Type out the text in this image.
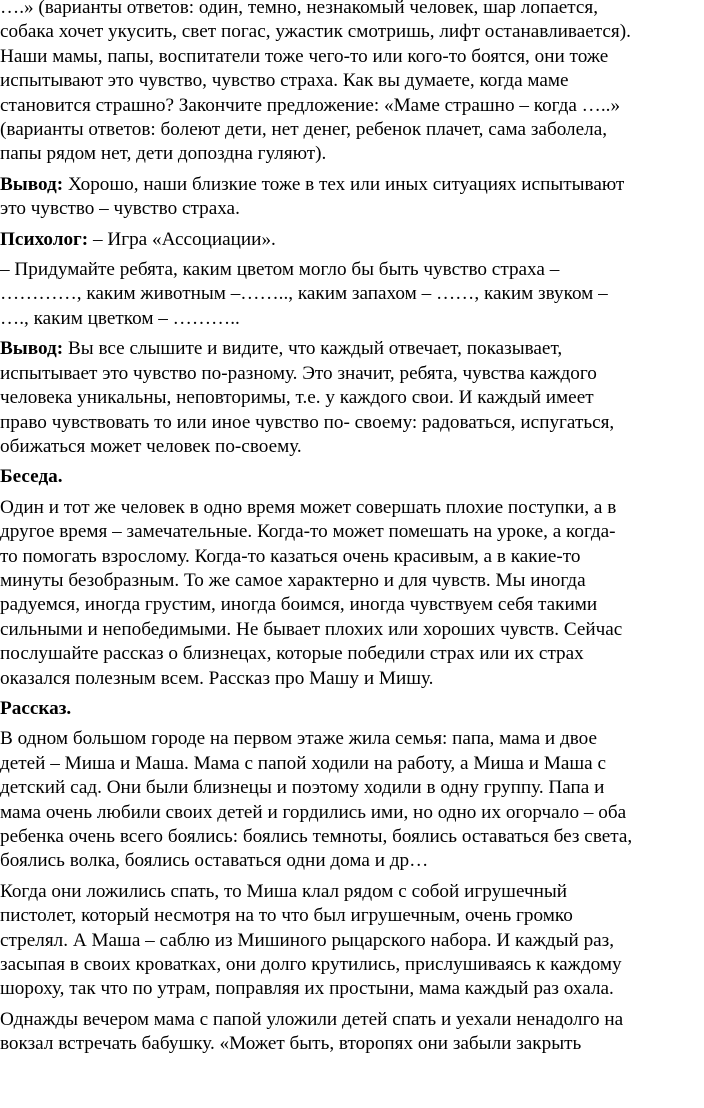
….» (варианты ответов: один, темно, незнакомый человек, шар лопается,

собака хочет укусить, свет погас, ужастик смотришь, лифт останавливается).

Наши мамы, папы, воспитатели тоже чего-то или кого-то боятся, они тоже

испытывают это чувство, чувство страха. Как вы думаете, когда маме

становится страшно? Закончите предложение: «Маме страшно – когда …..»

(варианты ответов: болеют дети, нет денег, ребенок плачет, сама заболела,

папы рядом нет, дети допоздна гуляют).

Вывод: Хорошо, наши близкие тоже в тех или иных ситуациях испытывают

это чувство – чувство страха.

Психолог: – Игра «Ассоциации».

– Придумайте ребята, каким цветом могло бы быть чувство страха –

…………, каким животным –…….., каким запахом – ……, каким звуком –

…., каким цветком – ………..

Вывод: Вы все слышите и видите, что каждый отвечает, показывает,

испытывает это чувство по-разному. Это значит, ребята, чувства каждого

человека уникальны, неповторимы, т.е. у каждого свои. И каждый имеет

право чувствовать то или иное чувство по- своему: радоваться, испугаться,

обижаться может человек по-своему.

Беседа.

Один и тот же человек в одно время может совершать плохие поступки, а в

другое время – замечательные. Когда-то может помешать на уроке, а когда-

то помогать взрослому. Когда-то казаться очень красивым, а в какие-то

минуты безобразным. То же самое характерно и для чувств. Мы иногда

радуемся, иногда грустим, иногда боимся, иногда чувствуем себя такими

сильными и непобедимыми. Не бывает плохих или хороших чувств. Сейчас

послушайте рассказ о близнецах, которые победили страх или их страх

оказался полезным всем. Рассказ про Машу и Мишу.

Рассказ.

В одном большом городе на первом этаже жила семья: папа, мама и двое

детей – Миша и Маша. Мама с папой ходили на работу, а Миша и Маша с

детский сад. Они были близнецы и поэтому ходили в одну группу. Папа и

мама очень любили своих детей и гордились ими, но одно их огорчало – оба

ребенка очень всего боялись: боялись темноты, боялись оставаться без света,

боялись волка, боялись оставаться одни дома и др…

Когда они ложились спать, то Миша клал рядом с собой игрушечный

пистолет, который несмотря на то что был игрушечным, очень громко

стрелял. А Маша – саблю из Мишиного рыцарского набора. И каждый раз,

засыпая в своих кроватках, они долго крутились, прислушиваясь к каждому

шороху, так что по утрам, поправляя их простыни, мама каждый раз охала.

Однажды вечером мама с папой уложили детей спать и уехали ненадолго на

вокзал встречать бабушку. «Может быть, второпях они забыли закрыть
